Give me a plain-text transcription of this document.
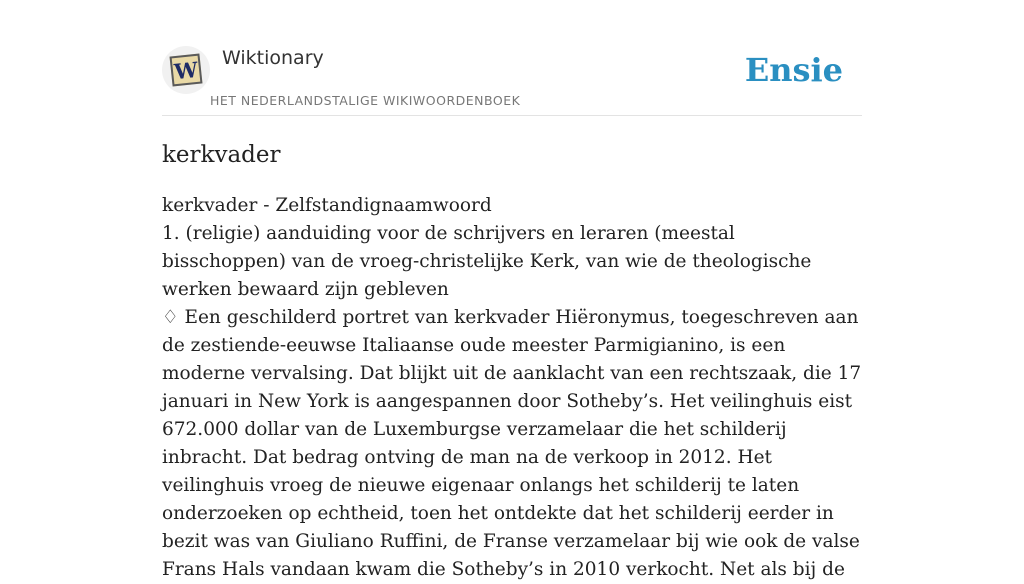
W Wiktionary
HET NEDERLANDSTALIGE WIKIWOORDENBOEK
Ensie
kerkvader

kerkvader - Zelfstandignaamwoord

1. (religie) aanduiding voor de schrijvers en leraren (meestal bisschoppen) van de vroeg-christelijke Kerk, van wie de theologische werken bewaard zijn gebleven

♢ Een geschilderd portret van kerkvader Hiëronymus, toegeschreven aan de zestiende-eeuwse Italiaanse oude meester Parmigianino, is een moderne vervalsing. Dat blijkt uit de aanklacht van een rechtszaak, die 17 januari in New York is aangespannen door Sotheby’s. Het veilinghuis eist 672.000 dollar van de Luxemburgse verzamelaar die het schilderij inbracht. Dat bedrag ontving de man na de verkoop in 2012. Het veilinghuis vroeg de nieuwe eigenaar onlangs het schilderij te laten onderzoeken op echtheid, toen het ontdekte dat het schilderij eerder in bezit was van Giuliano Ruffini, de Franse verzamelaar bij wie ook de valse Frans Hals vandaan kwam die Sotheby’s in 2010 verkocht. Net als bij de
